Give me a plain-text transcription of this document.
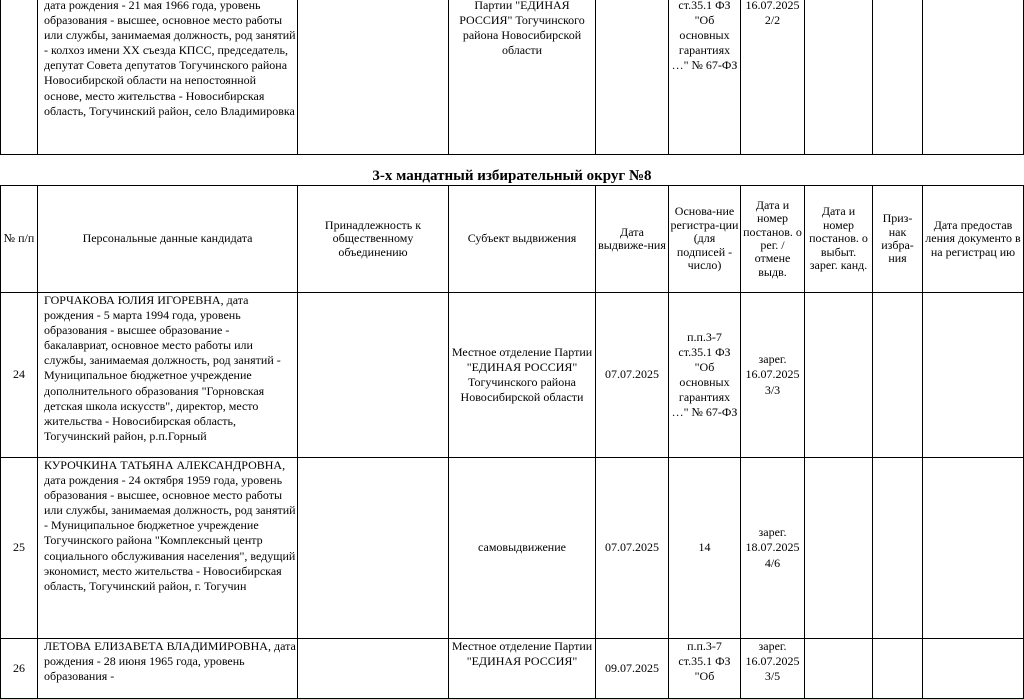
	дата рождения - 21 мая 1966 года, уровень образования - высшее, основное место работы или службы, занимаемая должность, род занятий - колхоз имени XX съезда КПСС, председатель, депутат Совета депутатов Тогучинского района Новосибирской области на непостоянной основе, место жительства - Новосибирская область, Тогучинский район, село Владимировка		Партии "ЕДИНАЯ РОССИЯ" Тогучинского района Новосибирской области		ст.35.1 ФЗ "Об основных гарантиях …" № 67-ФЗ	16.07.2025 2/2			
3-х мандатный избирательный округ №8
№ п/п	Персональные данные кандидата	Принадлежность к общественному объединению	Субъект выдвижения	Дата выдвиже-ния	Основа-ние регистра-ции (для подписей - число)	Дата и номер постанов. о рег. / отмене выдв.	Дата и номер постанов. о выбыт. зарег. канд.	Приз-нак избра-ния	Дата предостав ления документо в на регистрац ию
24	ГОРЧАКОВА ЮЛИЯ ИГОРЕВНА, дата рождения - 5 марта 1994 года, уровень образования - высшее образование - бакалавриат, основное место работы или службы, занимаемая должность, род занятий - Муниципальное бюджетное учреждение дополнительного образования "Горновская детская школа искусств", директор, место жительства - Новосибирская область, Тогучинский район, р.п.Горный		Местное отделение Партии "ЕДИНАЯ РОССИЯ" Тогучинского района Новосибирской области	07.07.2025	п.п.3-7 ст.35.1 ФЗ "Об основных гарантиях …" № 67-ФЗ	зарег. 16.07.2025 3/3			
25	КУРОЧКИНА ТАТЬЯНА АЛЕКСАНДРОВНА, дата рождения - 24 октября 1959 года, уровень образования - высшее, основное место работы или службы, занимаемая должность, род занятий - Муниципальное бюджетное учреждение Тогучинского района "Комплексный центр социального обслуживания населения", ведущий экономист, место жительства - Новосибирская область, Тогучинский район, г. Тогучин		самовыдвижение	07.07.2025	14	зарег. 18.07.2025 4/6			
26	ЛЕТОВА ЕЛИЗАВЕТА ВЛАДИМИРОВНА, дата рождения - 28 июня 1965 года, уровень образования -		Местное отделение Партии "ЕДИНАЯ РОССИЯ"	09.07.2025	п.п.3-7 ст.35.1 ФЗ "Об	зарег. 16.07.2025 3/5			
